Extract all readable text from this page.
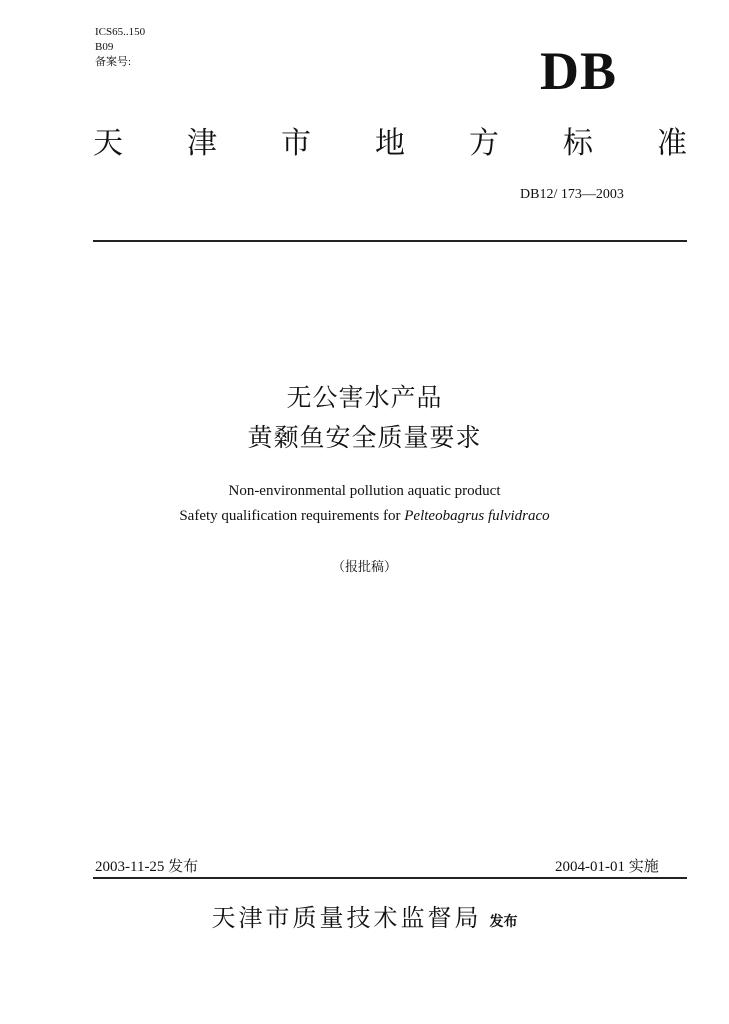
ICS65..150
B09
备案号:	DB
天 津 市 地 方 标 准
DB12/ 173—2003
无公害水产品
黄颡鱼安全质量要求
Non-environmental pollution aquatic product
Safety qualification requirements for Pelteobagrus fulvidraco
（报批稿）
2003-11-25 发布	2004-01-01 实施
天津市质量技术监督局 发布
